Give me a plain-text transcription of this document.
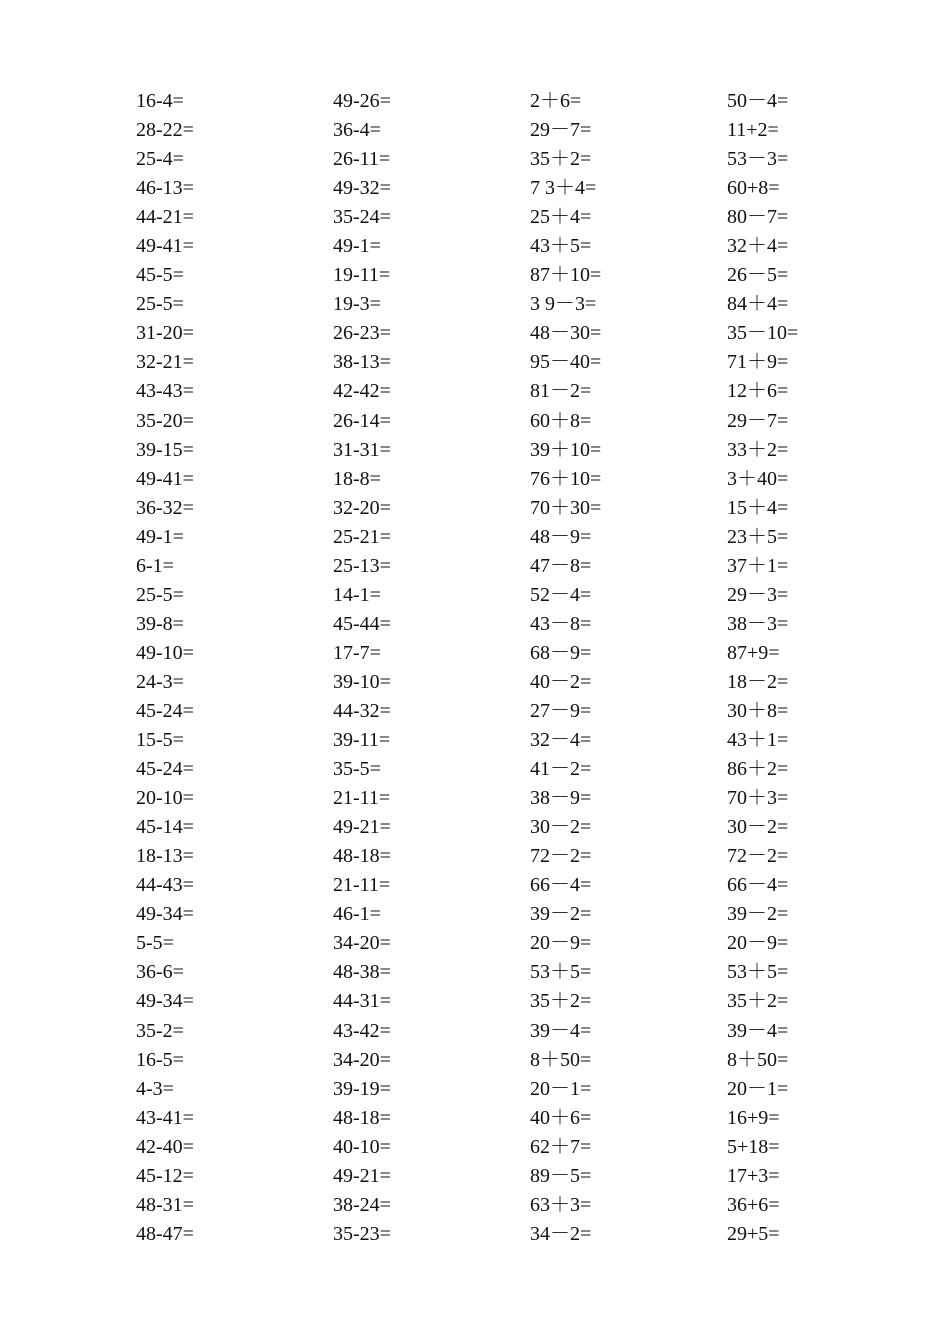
16-4=
28-22=
25-4=
46-13=
44-21=
49-41=
45-5=
25-5=
31-20=
32-21=
43-43=
35-20=
39-15=
49-41=
36-32=
49-1=
6-1=
25-5=
39-8=
49-10=
24-3=
45-24=
15-5=
45-24=
20-10=
45-14=
18-13=
44-43=
49-34=
5-5=
36-6=
49-34=
35-2=
16-5=
4-3=
43-41=
42-40=
45-12=
48-31=
48-47=
49-26=
36-4=
26-11=
49-32=
35-24=
49-1=
19-11=
19-3=
26-23=
38-13=
42-42=
26-14=
31-31=
18-8=
32-20=
25-21=
25-13=
14-1=
45-44=
17-7=
39-10=
44-32=
39-11=
35-5=
21-11=
49-21=
48-18=
21-11=
46-1=
34-20=
48-38=
44-31=
43-42=
34-20=
39-19=
48-18=
40-10=
49-21=
38-24=
35-23=
2＋6=
29－7=
35＋2=
7 3＋4=
25＋4=
43＋5=
87＋10=
3 9－3=
48－30=
95－40=
81－2=
60＋8=
39＋10=
76＋10=
70＋30=
48－9=
47－8=
52－4=
43－8=
68－9=
40－2=
27－9=
32－4=
41－2=
38－9=
30－2=
72－2=
66－4=
39－2=
20－9=
53＋5=
35＋2=
39－4=
8＋50=
20－1=
40＋6=
62＋7=
89－5=
63＋3=
34－2=
50－4=
11+2=
53－3=
60+8=
80－7=
32＋4=
26－5=
84＋4=
35－10=
71＋9=
12＋6=
29－7=
33＋2=
3＋40=
15＋4=
23＋5=
37＋1=
29－3=
38－3=
87+9=
18－2=
30＋8=
43＋1=
86＋2=
70＋3=
30－2=
72－2=
66－4=
39－2=
20－9=
53＋5=
35＋2=
39－4=
8＋50=
20－1=
16+9=
5+18=
17+3=
36+6=
29+5=
